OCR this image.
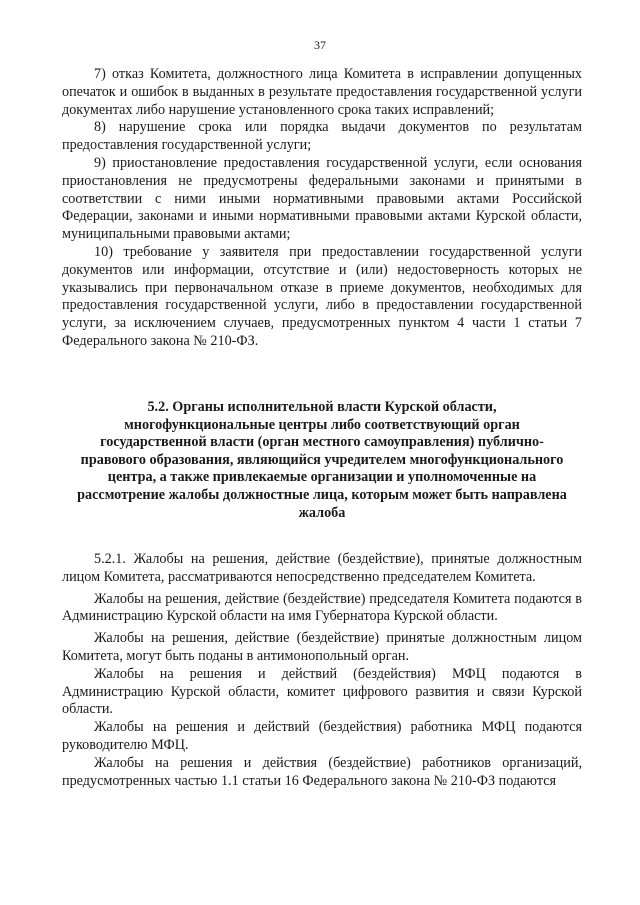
37

7) отказ Комитета, должностного лица Комитета в исправлении допущенных опечаток и ошибок в выданных в результате предоставления государственной услуги документах либо нарушение установленного срока таких исправлений;

8) нарушение срока или порядка выдачи документов по результатам предоставления государственной услуги;

9) приостановление предоставления государственной услуги, если основания приостановления не предусмотрены федеральными законами и принятыми в соответствии с ними иными нормативными правовыми актами Российской Федерации, законами и иными нормативными правовыми актами Курской области, муниципальными правовыми актами;

10) требование у заявителя при предоставлении государственной услуги документов или информации, отсутствие и (или) недостоверность которых не указывались при первоначальном отказе в приеме документов, необходимых для предоставления государственной услуги, либо в предоставлении государственной услуги, за исключением случаев, предусмотренных пунктом 4 части 1 статьи 7 Федерального закона № 210-ФЗ.

5.2. Органы исполнительной власти Курской области, многофункциональные центры либо соответствующий орган государственной власти (орган местного самоуправления) публично-правового образования, являющийся учредителем многофункционального центра, а также привлекаемые организации и уполномоченные на рассмотрение жалобы должностные лица, которым может быть направлена жалоба

5.2.1. Жалобы на решения, действие (бездействие), принятые должностным лицом Комитета, рассматриваются непосредственно председателем Комитета.

Жалобы на решения, действие (бездействие) председателя Комитета подаются в Администрацию Курской области на имя Губернатора Курской области.

Жалобы на решения, действие (бездействие) принятые должностным лицом Комитета, могут быть поданы в антимонопольный орган.

Жалобы на решения и действий (бездействия) МФЦ подаются в Администрацию Курской области, комитет цифрового развития и связи Курской области.

Жалобы на решения и действий (бездействия) работника МФЦ подаются руководителю МФЦ.

Жалобы на решения и действия (бездействие) работников организаций, предусмотренных частью 1.1 статьи 16 Федерального закона № 210-ФЗ подаются
